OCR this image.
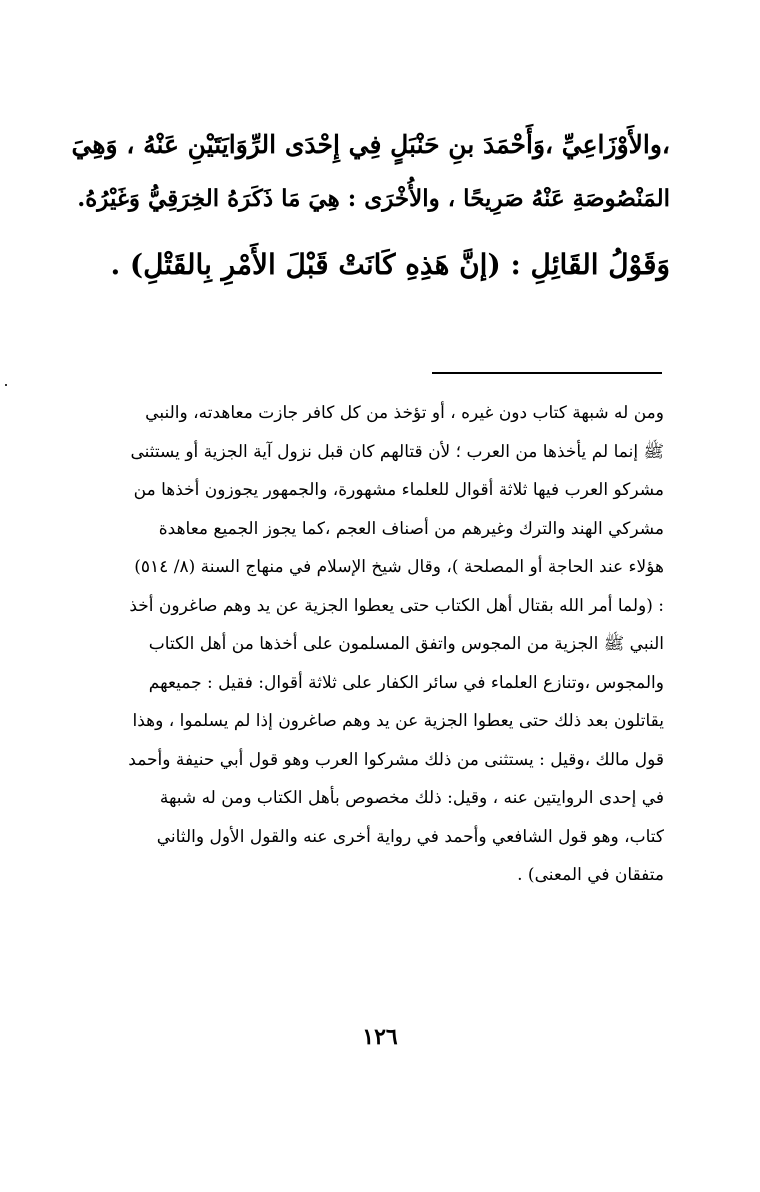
،والأَوْزَاعِيِّ ،وَأَحْمَدَ بنِ حَنْبَلٍ فِي إِحْدَى الرِّوَايَتَيْنِ عَنْهُ ، وَهِيَ
المَنْصُوصَةِ عَنْهُ صَرِيحًا ، والأُخْرَى : هِيَ مَا ذَكَرَهُ الخِرَقِيُّ وَغَيْرُهُ.
وَقَوْلُ القَائِلِ : (إنَّ هَذِهِ كَانَتْ قَبْلَ الأَمْرِ بِالقَتْلِ) .
ومن له شبهة كتاب دون غيره ، أو تؤخذ من كل كافر جازت معاهدته، والنبي
ﷺ إنما لم يأخذها من العرب ؛ لأن قتالهم كان قبل نزول آية الجزية أو يستثنى
مشركو العرب فيها ثلاثة أقوال للعلماء مشهورة، والجمهور يجوزون أخذها من
مشركي الهند والترك وغيرهم من أصناف العجم ،كما يجوز الجميع معاهدة
هؤلاء عند الحاجة أو المصلحة )، وقال شيخ الإسلام في منهاج السنة (٨/ ٥١٤)
: (ولما أمر الله بقتال أهل الكتاب حتى يعطوا الجزية عن يد وهم صاغرون أخذ
النبي ﷺ الجزية من المجوس واتفق المسلمون على أخذها من أهل الكتاب
والمجوس ،وتنازع العلماء في سائر الكفار على ثلاثة أقوال: فقيل : جميعهم
يقاتلون بعد ذلك حتى يعطوا الجزية عن يد وهم صاغرون إذا لم يسلموا ، وهذا
قول مالك ،وقيل : يستثنى من ذلك مشركوا العرب وهو قول أبي حنيفة وأحمد
في إحدى الروايتين عنه ، وقيل: ذلك مخصوص بأهل الكتاب ومن له شبهة
كتاب، وهو قول الشافعي وأحمد في رواية أخرى عنه والقول الأول والثاني
متفقان في المعنى) .
١٢٦
